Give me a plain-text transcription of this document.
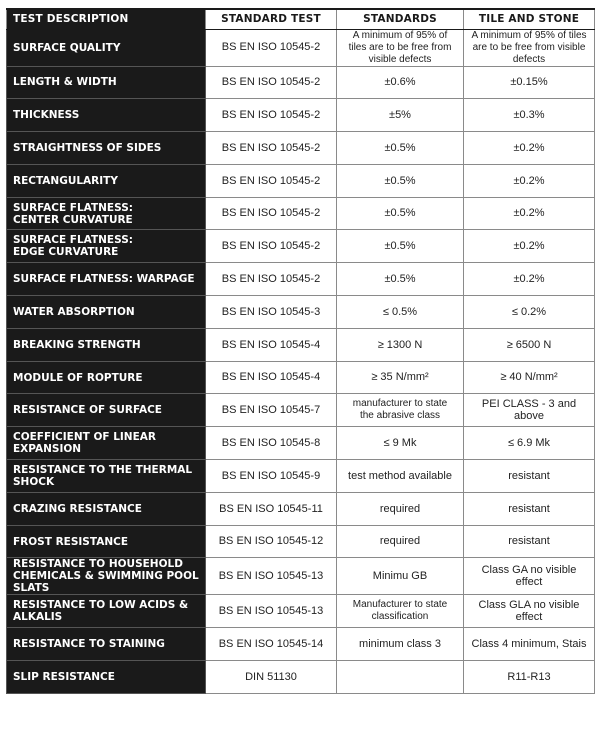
TEST DESCRIPTION	STANDARD TEST	STANDARDS	TILE AND STONE

SURFACE QUALITY	BS EN ISO 10545-2	A minimum of 95% of
tiles are to be free from
visible defects	A minimum of 95% of tiles
are to be free from visible
defects

LENGTH & WIDTH	BS EN ISO 10545-2	±0.6%	±0.15%

THICKNESS	BS EN ISO 10545-2	±5%	±0.3%

STRAIGHTNESS OF SIDES	BS EN ISO 10545-2	±0.5%	±0.2%

RECTANGULARITY	BS EN ISO 10545-2	±0.5%	±0.2%

SURFACE FLATNESS:
CENTER CURVATURE	BS EN ISO 10545-2	±0.5%	±0.2%

SURFACE FLATNESS:
EDGE CURVATURE	BS EN ISO 10545-2	±0.5%	±0.2%

SURFACE FLATNESS: WARPAGE	BS EN ISO 10545-2	±0.5%	±0.2%

WATER ABSORPTION	BS EN ISO 10545-3	≤ 0.5%	≤ 0.2%

BREAKING STRENGTH	BS EN ISO 10545-4	≥ 1300 N	≥ 6500 N

MODULE OF ROPTURE	BS EN ISO 10545-4	≥ 35 N/mm²	≥ 40 N/mm²

RESISTANCE OF SURFACE	BS EN ISO 10545-7	manufacturer to state
the abrasive class	PEI CLASS - 3 and above

COEFFICIENT OF LINEAR EXPANSION	BS EN ISO 10545-8	≤ 9 Mk	≤ 6.9 Mk

RESISTANCE TO THE THERMAL SHOCK	BS EN ISO 10545-9	test method available	resistant

CRAZING RESISTANCE	BS EN ISO 10545-11	required	resistant

FROST RESISTANCE	BS EN ISO 10545-12	required	resistant

RESISTANCE TO HOUSEHOLD
CHEMICALS & SWIMMING POOL
SLATS	BS EN ISO 10545-13	Minimu GB	Class GA no visible effect

RESISTANCE TO LOW ACIDS &
ALKALIS	BS EN ISO 10545-13	Manufacturer to state
classification	Class GLA no visible effect

RESISTANCE TO STAINING	BS EN ISO 10545-14	minimum class 3	Class 4 minimum, Stais

SLIP RESISTANCE	DIN 51130		R11-R13
